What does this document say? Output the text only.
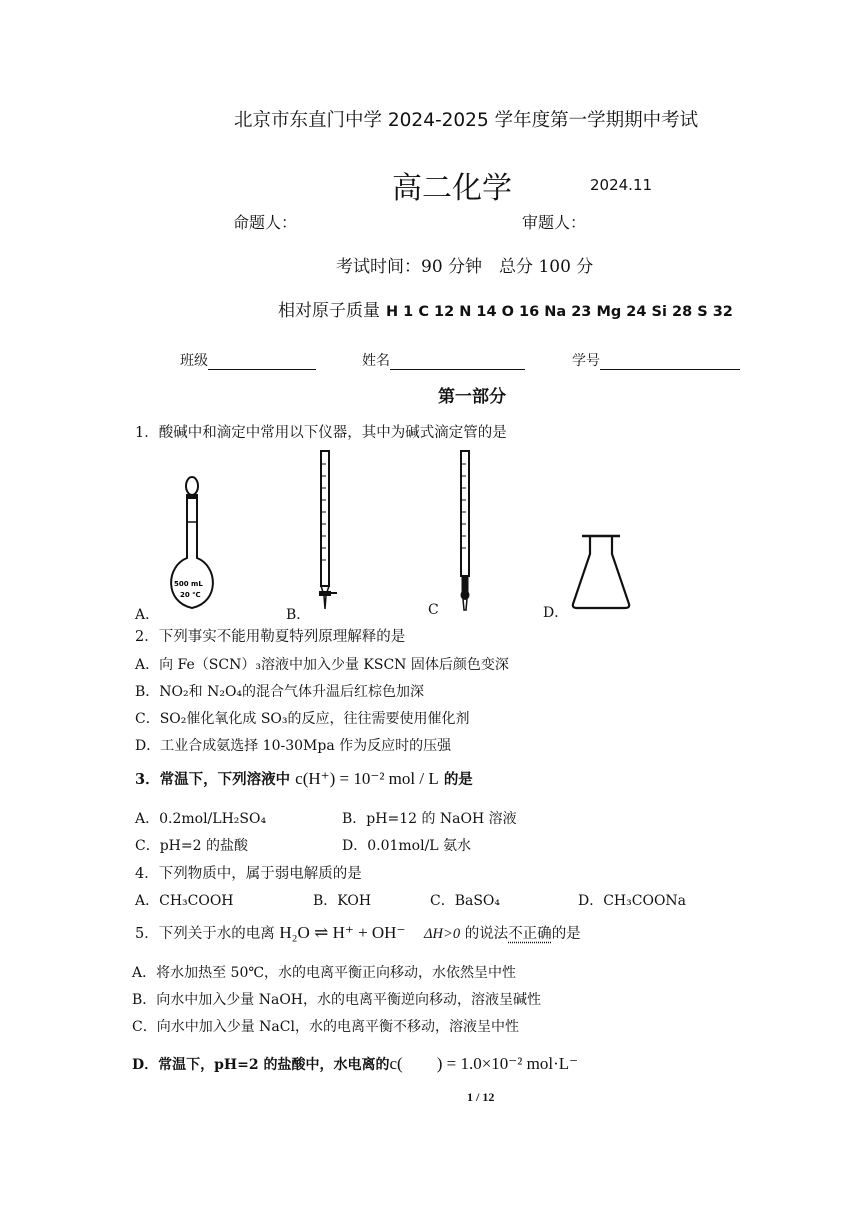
北京市东直门中学 2024-2025 学年度第一学期期中考试
高二化学	2024.11
命题人：	审题人：
考试时间：90 分钟　总分 100 分
相对原子质量 H 1 C 12 N 14 O 16 Na 23 Mg 24 Si 28 S 32
班级	姓名	学号
第一部分
1．酸碱中和滴定中常用以下仪器，其中为碱式滴定管的是
500 mL
20 ℃
A．	B．	C	D．
2．下列事实不能用勒夏特列原理解释的是
A．向 Fe（SCN）₃溶液中加入少量 KSCN 固体后颜色变深
B．NO₂和 N₂O₄的混合气体升温后红棕色加深
C．SO₂催化氧化成 SO₃的反应，往往需要使用催化剂
D．工业合成氨选择 10-30Mpa 作为反应时的压强
3．常温下，下列溶液中 c(H⁺) = 10⁻² mol / L 的是
A．0.2mol/LH₂SO₄	B．pH=12 的 NaOH 溶液
C．pH=2 的盐酸	D．0.01mol/L 氨水
4．下列物质中，属于弱电解质的是
A．CH₃COOH	B．KOH	C．BaSO₄	D．CH₃COONa
5．下列关于水的电离 H₂O ⇌ H⁺ + OH⁻ ΔH>0 的说法不正确的是
A．将水加热至 50℃，水的电离平衡正向移动，水依然呈中性
B．向水中加入少量 NaOH，水的电离平衡逆向移动，溶液呈碱性
C．向水中加入少量 NaCl，水的电离平衡不移动，溶液呈中性
D．常温下，pH=2 的盐酸中，水电离的c(　　) = 1.0×10⁻² mol·L⁻
1 / 12
